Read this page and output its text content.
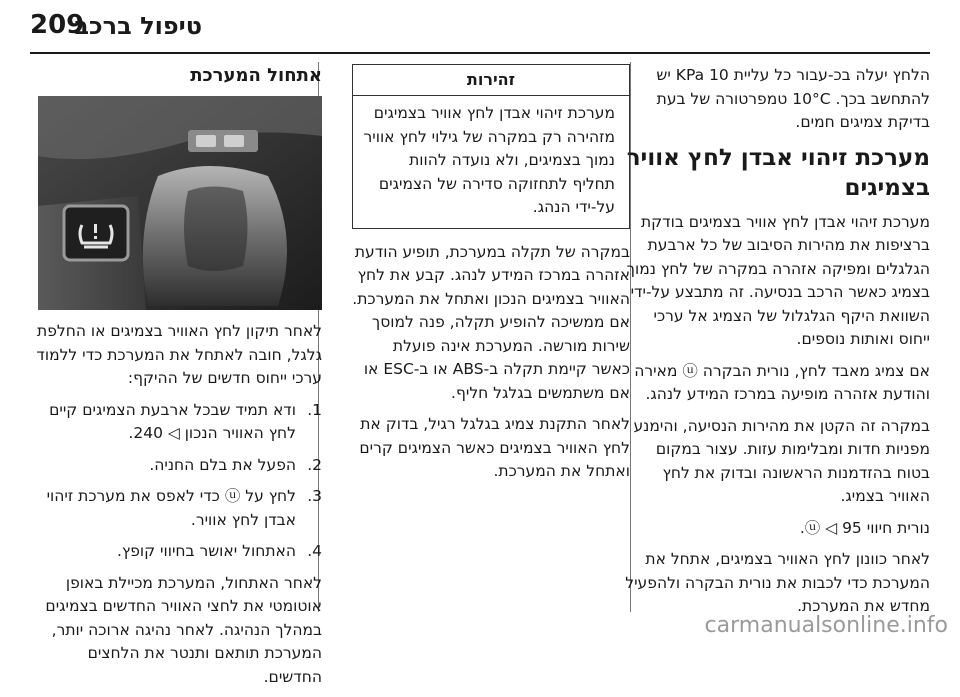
209
טיפול ברכב

הלחץ יעלה בכ-עבור כל עליית 10 KPa יש להתחשב בכך. 10°C טמפרטורה של בעת בדיקת צמיגים חמים.

מערכת זיהוי אבדן לחץ אוויר בצמיגים

מערכת זיהוי אבדן לחץ אוויר בצמיגים בודקת ברציפות את מהירות הסיבוב של כל ארבעת הגלגלים ומפיקה אזהרה במקרה של לחץ נמוך בצמיג כאשר הרכב בנסיעה. זה מתבצע על-ידי השוואת היקף הגלגלול של הצמיג אל ערכי ייחוס ואותות נוספים.

אם צמיג מאבד לחץ, נורית הבקרה ⓤ מאירה והודעת אזהרה מופיעה במרכז המידע לנהג.

במקרה זה הקטן את מהירות הנסיעה, והימנע מפניות חדות ומבלימות עזות. עצור במקום בטוח בהזדמנות הראשונה ובדוק את לחץ האוויר בצמיג.

נורית חיווי ⓤ ◁ 95.

לאחר כוונון לחץ האוויר בצמיגים, אתחל את המערכת כדי לכבות את נורית הבקרה ולהפעיל מחדש את המערכת.

זהירות
מערכת זיהוי אבדן לחץ אוויר בצמיגים מזהירה רק במקרה של גילוי לחץ אוויר נמוך בצמיגים, ולא נועדה להוות תחליף לתחזוקה סדירה של הצמיגים על-ידי הנהג.

במקרה של תקלה במערכת, תופיע הודעת אזהרה במרכז המידע לנהג. קבע את לחץ האוויר בצמיגים הנכון ואתחל את המערכת. אם ממשיכה להופיע תקלה, פנה למוסך שירות מורשה. המערכת אינה פועלת כאשר קיימת תקלה ב-ABS או ב-ESC או אם משתמשים בגלגל חליף.

לאחר התקנת צמיג בגלגל רגיל, בדוק את לחץ האוויר בצמיגים כאשר הצמיגים קרים ואתחל את המערכת.

אתחול המערכת

לאחר תיקון לחץ האוויר בצמיגים או החלפת גלגל, חובה לאתחל את המערכת כדי ללמוד ערכי ייחוס חדשים של ההיקף:

1.
ודא תמיד שבכל ארבעת הצמיגים קיים לחץ האוויר הנכון ◁ 240.
2.
הפעל את בלם החניה.
3.
לחץ על ⓤ כדי לאפס את מערכת זיהוי אבדן לחץ אוויר.
4.
האתחול יאושר בחיווי קופץ.

לאחר האתחול, המערכת מכיילת באופן אוטומטי את לחצי האוויר החדשים בצמיגים במהלך הנהיגה. לאחר נהיגה ארוכה יותר, המערכת תותאם ותנטר את הלחצים החדשים.

carmanualsonline.info
